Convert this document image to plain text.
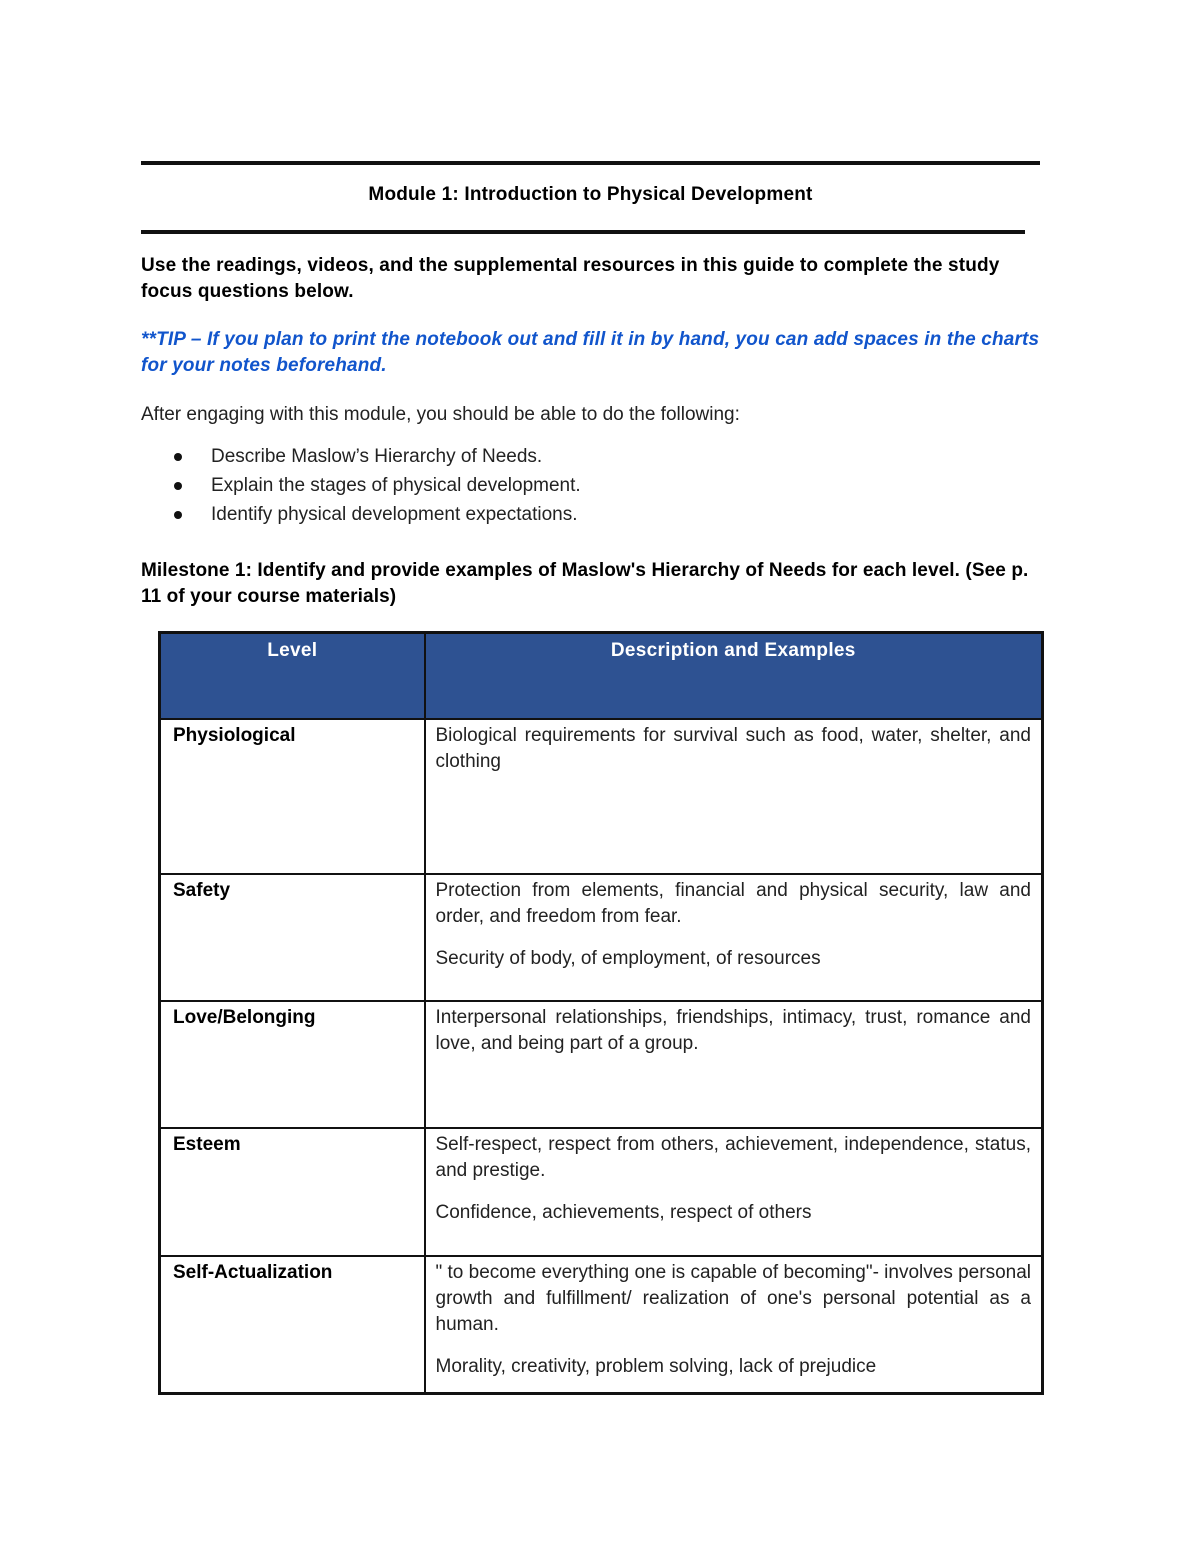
Module 1: Introduction to Physical Development
Use the readings, videos, and the supplemental resources in this guide to complete the study focus questions below.
**TIP – If you plan to print the notebook out and fill it in by hand, you can add spaces in the charts for your notes beforehand.
After engaging with this module, you should be able to do the following:
Describe Maslow’s Hierarchy of Needs.
Explain the stages of physical development.
Identify physical development expectations.
Milestone 1: Identify and provide examples of Maslow's Hierarchy of Needs for each level. (See p. 11 of your course materials)
Level	Description and Examples
Physiological	Biological requirements for survival such as food, water, shelter, and clothing

Safety	Protection from elements, financial and physical security, law and order, and freedom from fear.

Security of body, of employment, of resources

Love/Belonging	Interpersonal relationships, friendships, intimacy, trust, romance and love, and being part of a group.

Esteem	Self-respect, respect from others, achievement, independence, status, and prestige.

Confidence, achievements, respect of others

Self-Actualization	" to become everything one is capable of becoming"- involves personal growth and fulfillment/ realization of one's personal potential as a human.

Morality, creativity, problem solving, lack of prejudice
